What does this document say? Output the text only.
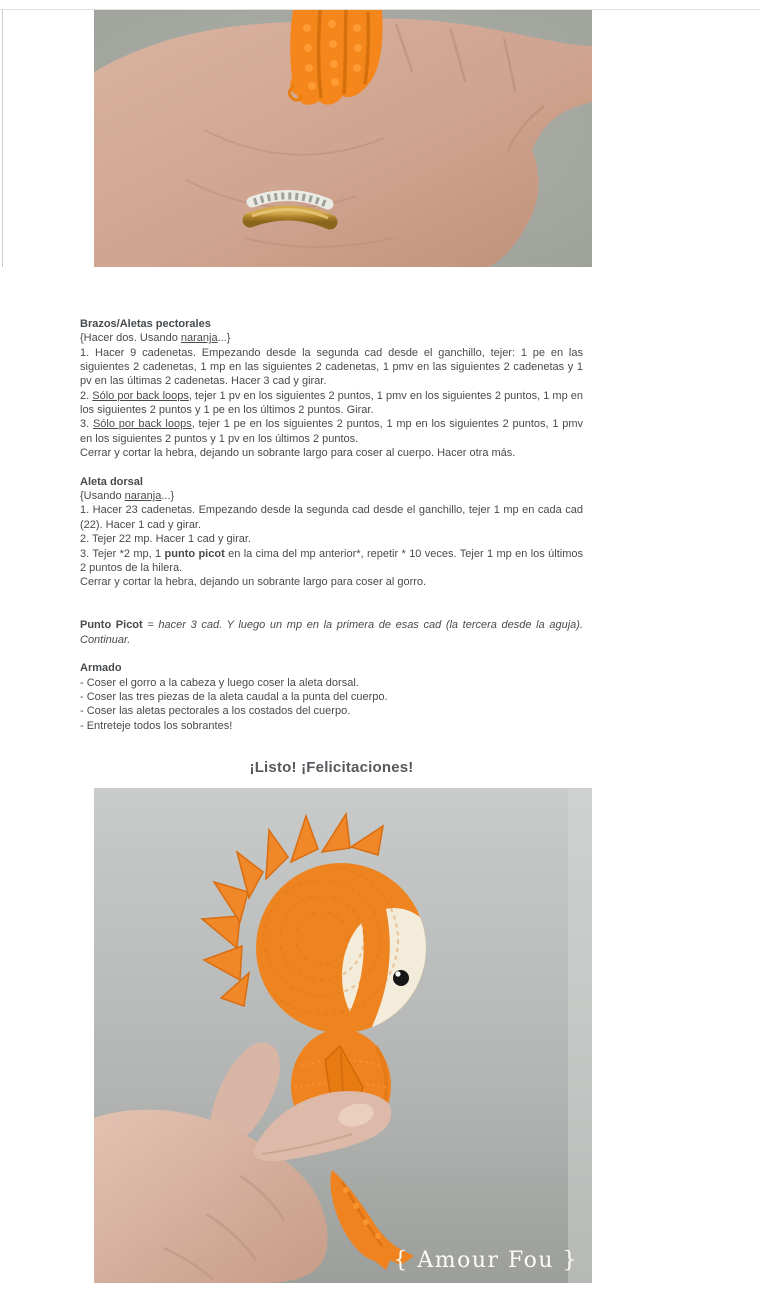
Brazos/Aletas pectorales
{Hacer dos. Usando naranja...}
1. Hacer 9 cadenetas. Empezando desde la segunda cad desde el ganchillo, tejer: 1 pe en las siguientes 2 cadenetas, 1 mp en las siguientes 2 cadenetas, 1 pmv en las siguientes 2 cadenetas y 1 pv en las últimas 2 cadenetas. Hacer 3 cad y girar.
2. Sólo por back loops, tejer 1 pv en los siguientes 2 puntos, 1 pmv en los siguientes 2 puntos, 1 mp en los siguientes 2 puntos y 1 pe en los últimos 2 puntos. Girar.
3. Sólo por back loops, tejer 1 pe en los siguientes 2 puntos, 1 mp en los siguientes 2 puntos, 1 pmv en los siguientes 2 puntos y 1 pv en los últimos 2 puntos.
Cerrar y cortar la hebra, dejando un sobrante largo para coser al cuerpo. Hacer otra más.
Aleta dorsal
{Usando naranja...}
1. Hacer 23 cadenetas. Empezando desde la segunda cad desde el ganchillo, tejer 1 mp en cada cad (22). Hacer 1 cad y girar.
2. Tejer 22 mp. Hacer 1 cad y girar.
3. Tejer *2 mp, 1 punto picot en la cima del mp anterior*, repetir * 10 veces. Tejer 1 mp en los últimos 2 puntos de la hilera.
Cerrar y cortar la hebra, dejando un sobrante largo para coser al gorro.
Punto Picot = hacer 3 cad. Y luego un mp en la primera de esas cad (la tercera desde la aguja). Continuar.
Armado
- Coser el gorro a la cabeza y luego coser la aleta dorsal.
- Coser las tres piezas de la aleta caudal a la punta del cuerpo.
- Coser las aletas pectorales a los costados del cuerpo.
- Entreteje todos los sobrantes!
¡Listo! ¡Felicitaciones!
{ Amour Fou }
